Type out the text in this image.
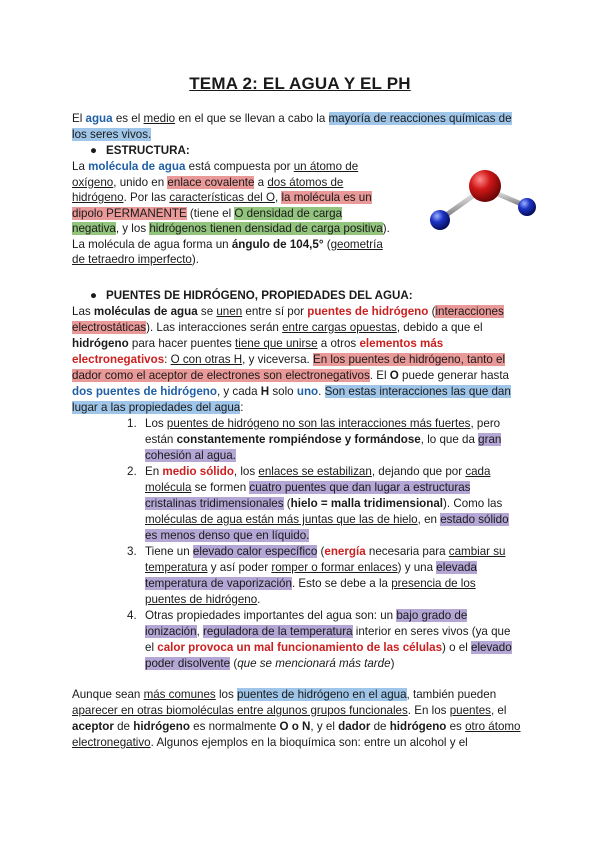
TEMA 2: EL AGUA Y EL PH
El agua es el medio en el que se llevan a cabo la mayoría de reacciones químicas de los seres vivos.
● ESTRUCTURA:
La molécula de agua está compuesta por un átomo de oxígeno, unido en enlace covalente a dos átomos de hidrógeno. Por las características del O, la molécula es un dipolo PERMANENTE (tiene el O densidad de carga negativa, y los hidrógenos tienen densidad de carga positiva). La molécula de agua forma un ángulo de 104,5° (geometría de tetraedro imperfecto).
● PUENTES DE HIDRÓGENO, PROPIEDADES DEL AGUA:
Las moléculas de agua se unen entre sí por puentes de hidrógeno (interacciones electrostáticas). Las interacciones serán entre cargas opuestas, debido a que el hidrógeno para hacer puentes tiene que unirse a otros elementos más electronegativos: O con otras H, y viceversa. En los puentes de hidrógeno, tanto el dador como el aceptor de electrones son electronegativos. El O puede generar hasta dos puentes de hidrógeno, y cada H solo uno. Son estas interacciones las que dan lugar a las propiedades del agua:
1. Los puentes de hidrógeno no son las interacciones más fuertes, pero están constantemente rompiéndose y formándose, lo que da gran cohesión al agua.
2. En medio sólido, los enlaces se estabilizan, dejando que por cada molécula se formen cuatro puentes que dan lugar a estructuras cristalinas tridimensionales (hielo = malla tridimensional). Como las moléculas de agua están más juntas que las de hielo, en estado sólido es menos denso que en líquido.
3. Tiene un elevado calor específico (energía necesaria para cambiar su temperatura y así poder romper o formar enlaces) y una elevada temperatura de vaporización. Esto se debe a la presencia de los puentes de hidrógeno.
4. Otras propiedades importantes del agua son: un bajo grado de ionización, reguladora de la temperatura interior en seres vivos (ya que el calor provoca un mal funcionamiento de las células) o el elevado poder disolvente (que se mencionará más tarde)
Aunque sean más comunes los puentes de hidrógeno en el agua, también pueden aparecer en otras biomoléculas entre algunos grupos funcionales. En los puentes, el aceptor de hidrógeno es normalmente O o N, y el dador de hidrógeno es otro átomo electronegativo. Algunos ejemplos en la bioquímica son: entre un alcohol y el
